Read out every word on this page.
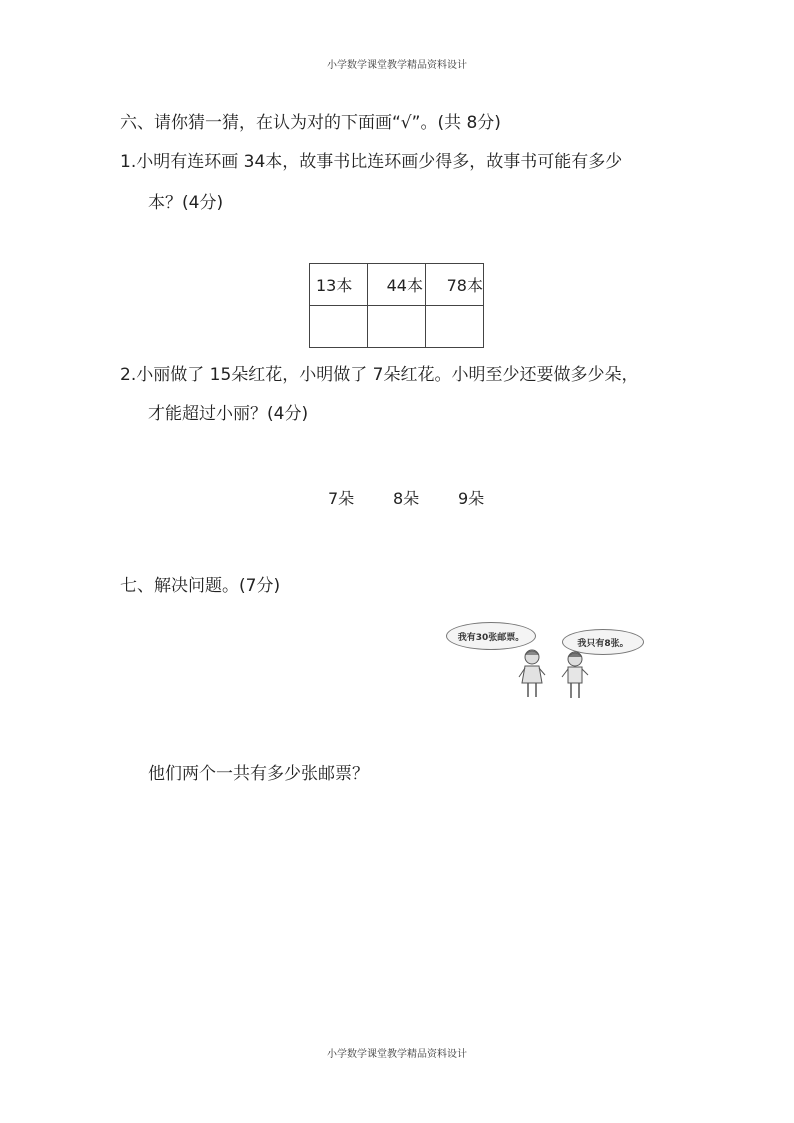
小学数学课堂教学精品资料设计
六、请你猜一猜，在认为对的下面画“√”。(共 8分)
1.小明有连环画 34本，故事书比连环画少得多，故事书可能有多少
本？(4分)
13本	44本	78本

2.小丽做了 15朵红花，小明做了 7朵红花。小明至少还要做多少朵，
才能超过小丽？(4分)
7朵 8朵 9朵
七、解决问题。(7分)
我有30张邮票。
我只有8张。
他们两个一共有多少张邮票？
小学数学课堂教学精品资料设计
